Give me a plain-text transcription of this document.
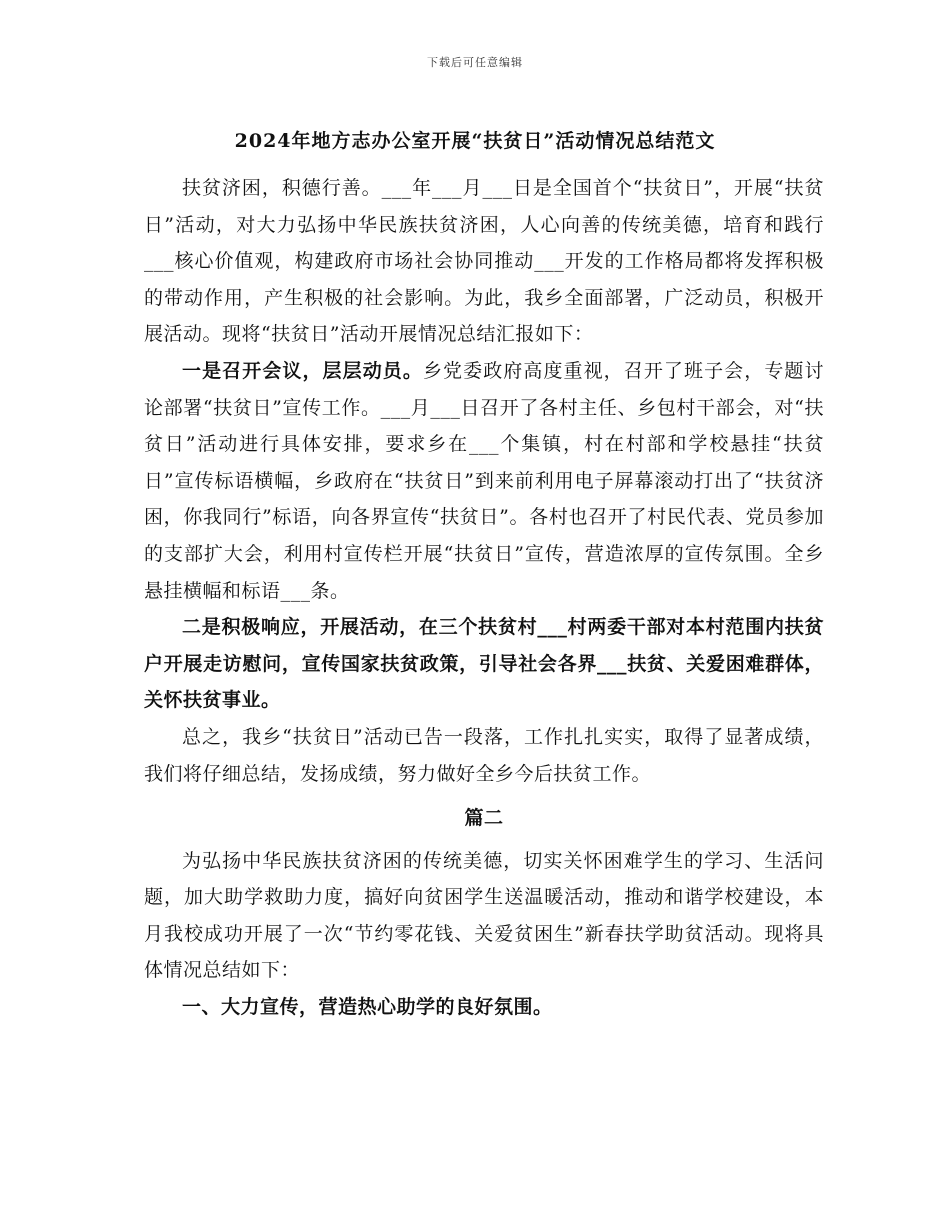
下载后可任意编辑
2024年地方志办公室开展“扶贫日”活动情况总结范文

扶贫济困，积德行善。___年___月___日是全国首个“扶贫日”，开展“扶贫日”活动，对大力弘扬中华民族扶贫济困，人心向善的传统美德，培育和践行___核心价值观，构建政府市场社会协同推动___开发的工作格局都将发挥积极的带动作用，产生积极的社会影响。为此，我乡全面部署，广泛动员，积极开展活动。现将“扶贫日”活动开展情况总结汇报如下：

一是召开会议，层层动员。乡党委政府高度重视，召开了班子会，专题讨论部署“扶贫日”宣传工作。___月___日召开了各村主任、乡包村干部会，对“扶贫日”活动进行具体安排，要求乡在___个集镇，村在村部和学校悬挂“扶贫日”宣传标语横幅，乡政府在“扶贫日”到来前利用电子屏幕滚动打出了“扶贫济困，你我同行”标语，向各界宣传“扶贫日”。各村也召开了村民代表、党员参加的支部扩大会，利用村宣传栏开展“扶贫日”宣传，营造浓厚的宣传氛围。全乡悬挂横幅和标语___条。

二是积极响应，开展活动，在三个扶贫村___村两委干部对本村范围内扶贫户开展走访慰问，宣传国家扶贫政策，引导社会各界___扶贫、关爱困难群体，关怀扶贫事业。

总之，我乡“扶贫日”活动已告一段落，工作扎扎实实，取得了显著成绩，我们将仔细总结，发扬成绩，努力做好全乡今后扶贫工作。

篇二

为弘扬中华民族扶贫济困的传统美德，切实关怀困难学生的学习、生活问题，加大助学救助力度，搞好向贫困学生送温暖活动，推动和谐学校建设，本月我校成功开展了一次“节约零花钱、关爱贫困生”新春扶学助贫活动。现将具体情况总结如下：

一、大力宣传，营造热心助学的良好氛围。
